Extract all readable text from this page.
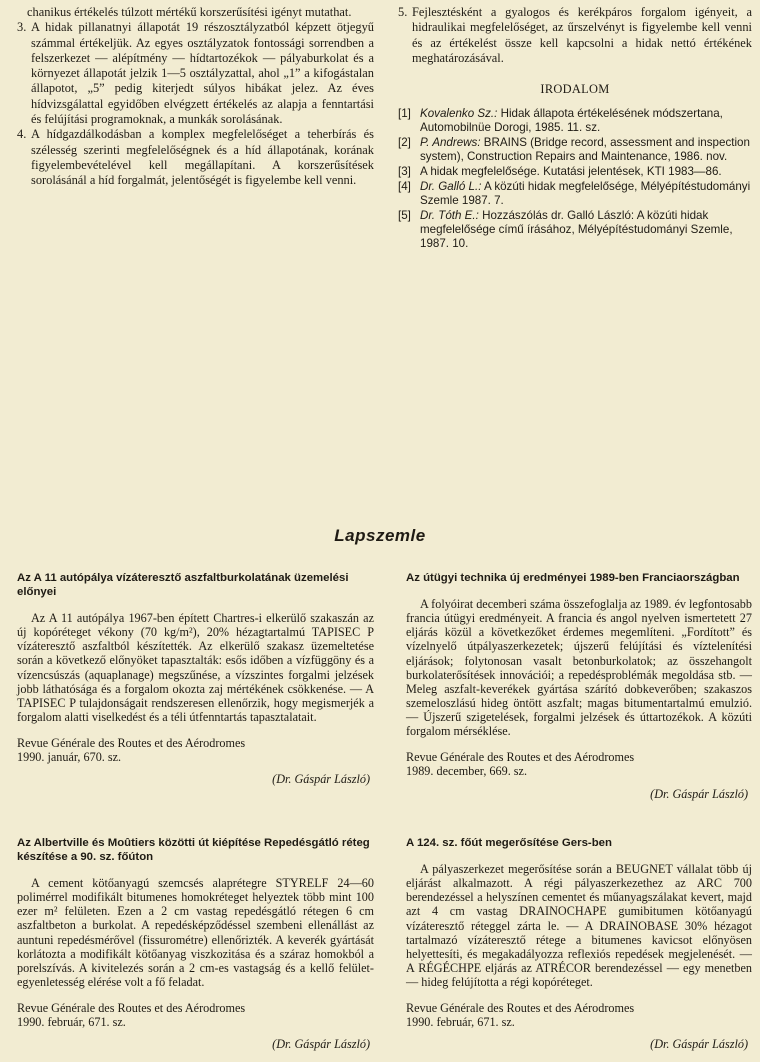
chanikus értékelés túlzott mértékű korszerűsítési igényt mutathat.
3. A hidak pillanatnyi állapotát 19 részosztályzatból képzett ötjegyű számmal értékeljük. Az egyes osztályzatok fontossági sorrendben a felszerkezet — alépítmény — hídtartozékok — pályaburkolat és a környezet állapotát jelzik 1—5 osztályzattal, ahol „1” a kifogástalan állapotot, „5” pedig kiterjedt súlyos hibákat jelez. Az éves hídvizsgálattal egyidőben elvégzett értékelés az alapja a fenntartási és felújítási programoknak, a munkák sorolásának.
4. A hídgazdálkodásban a komplex megfelelőséget a teherbírás és szélesség szerinti megfelelőségnek és a híd állapotának, korának figyelembevételével kell megállapítani. A korszerűsítések sorolásánál a híd forgalmát, jelentőségét is figyelembe kell venni.
5. Fejlesztésként a gyalogos és kerékpáros forgalom igényeit, a hidraulikai megfelelőséget, az űrszelvényt is figyelembe kell venni és az értékelést össze kell kapcsolni a hidak nettó értékének meghatározásával.
IRODALOM
[1] Kovalenko Sz.: Hidak állapota értékelésének módszertana, Automobilnüe Dorogi, 1985. 11. sz.
[2] P. Andrews: BRAINS (Bridge record, assessment and inspection system), Construction Repairs and Maintenance, 1986. nov.
[3] A hidak megfelelősége. Kutatási jelentések, KTI 1983—86.
[4] Dr. Galló L.: A közúti hidak megfelelősége, Mélyépítéstudományi Szemle 1987. 7.
[5] Dr. Tóth E.: Hozzászólás dr. Galló László: A közúti hidak megfelelősége című írásához, Mélyépítéstudományi Szemle, 1987. 10.
Lapszemle
Az A 11 autópálya vízáteresztő aszfaltburkolatának üzemelési előnyei

Az A 11 autópálya 1967-ben épített Chartres-i elkerülő szakaszán az új kopóréteget vékony (70 kg/m²), 20% hézagtartalmú TAPISEC P vízáteresztő aszfaltból készítették. Az elkerülő szakasz üzemeltetése során a következő előnyöket tapasztalták: esős időben a vízfüggöny és a vízencsúszás (aquaplanage) megszűnése, a vízszintes forgalmi jelzések jobb láthatósága és a forgalom okozta zaj mértékének csökkenése. — A TAPISEC P tulajdonságait rendszeresen ellenőrzik, hogy megismerjék a forgalom alatti viselkedést és a téli útfenntartás tapasztalatait.

Revue Générale des Routes et des Aérodromes
1990. január, 670. sz.
(Dr. Gáspár László)
Az útügyi technika új eredményei 1989-ben Franciaországban

A folyóirat decemberi száma összefoglalja az 1989. év legfontosabb francia útügyi eredményeit. A francia és angol nyelven ismertetett 27 eljárás közül a következőket érdemes megemlíteni. „Fordított” és vízelnyelő útpályaszerkezetek; újszerű felújítási és víztelenítési eljárások; folytonosan vasalt betonburkolatok; az összehangolt burkolaterősítések innovációi; a repedésproblémák megoldása stb. — Meleg aszfalt-keverékek gyártása szárító dobkeverőben; szakaszos szemeloszlású hideg öntött aszfalt; magas bitumentartalmú emulzió. — Újszerű szigetelések, forgalmi jelzések és úttartozékok. A közúti forgalom mérséklése.

Revue Générale des Routes et des Aérodromes
1989. december, 669. sz.
(Dr. Gáspár László)
Az Albertville és Moûtiers közötti út kiépítése Repedésgátló réteg készítése a 90. sz. főúton

A cement kötőanyagú szemcsés alaprétegre STYRELF 24—60 polimérrel modifikált bitumenes homokréteget helyeztek több mint 100 ezer m² felületen. Ezen a 2 cm vastag repedésgátló rétegen 6 cm aszfaltbeton a burkolat. A repedésképződéssel szembeni ellenállást az auntuni repedésmérővel (fissurométre) ellenőrizték. A keverék gyártását korlátozta a modifikált kötőanyag viszkozitása és a száraz homokból a porelszívás. A kivitelezés során a 2 cm-es vastagság és a kellő felület-egyenletesség elérése volt a fő feladat.

Revue Générale des Routes et des Aérodromes
1990. február, 671. sz.
(Dr. Gáspár László)
A 124. sz. főút megerősítése Gers-ben

A pályaszerkezet megerősítése során a BEUGNET vállalat több új eljárást alkalmazott. A régi pályaszerkezethez az ARC 700 berendezéssel a helyszínen cementet és műanyagszálakat kevert, majd azt 4 cm vastag DRAINOCHAPE gumibitumen kötőanyagú vízáteresztő réteggel zárta le. — A DRAINOBASE 30% hézagot tartalmazó vízáteresztő rétege a bitumenes kavicsot előnyösen helyettesíti, és megakadályozza reflexiós repedések megjelenését. — A RÉGÉCHPE eljárás az ATRÉCOR berendezéssel — egy menetben — hideg felújította a régi kopóréteget.

Revue Générale des Routes et des Aérodromes
1990. február, 671. sz.
(Dr. Gáspár László)
